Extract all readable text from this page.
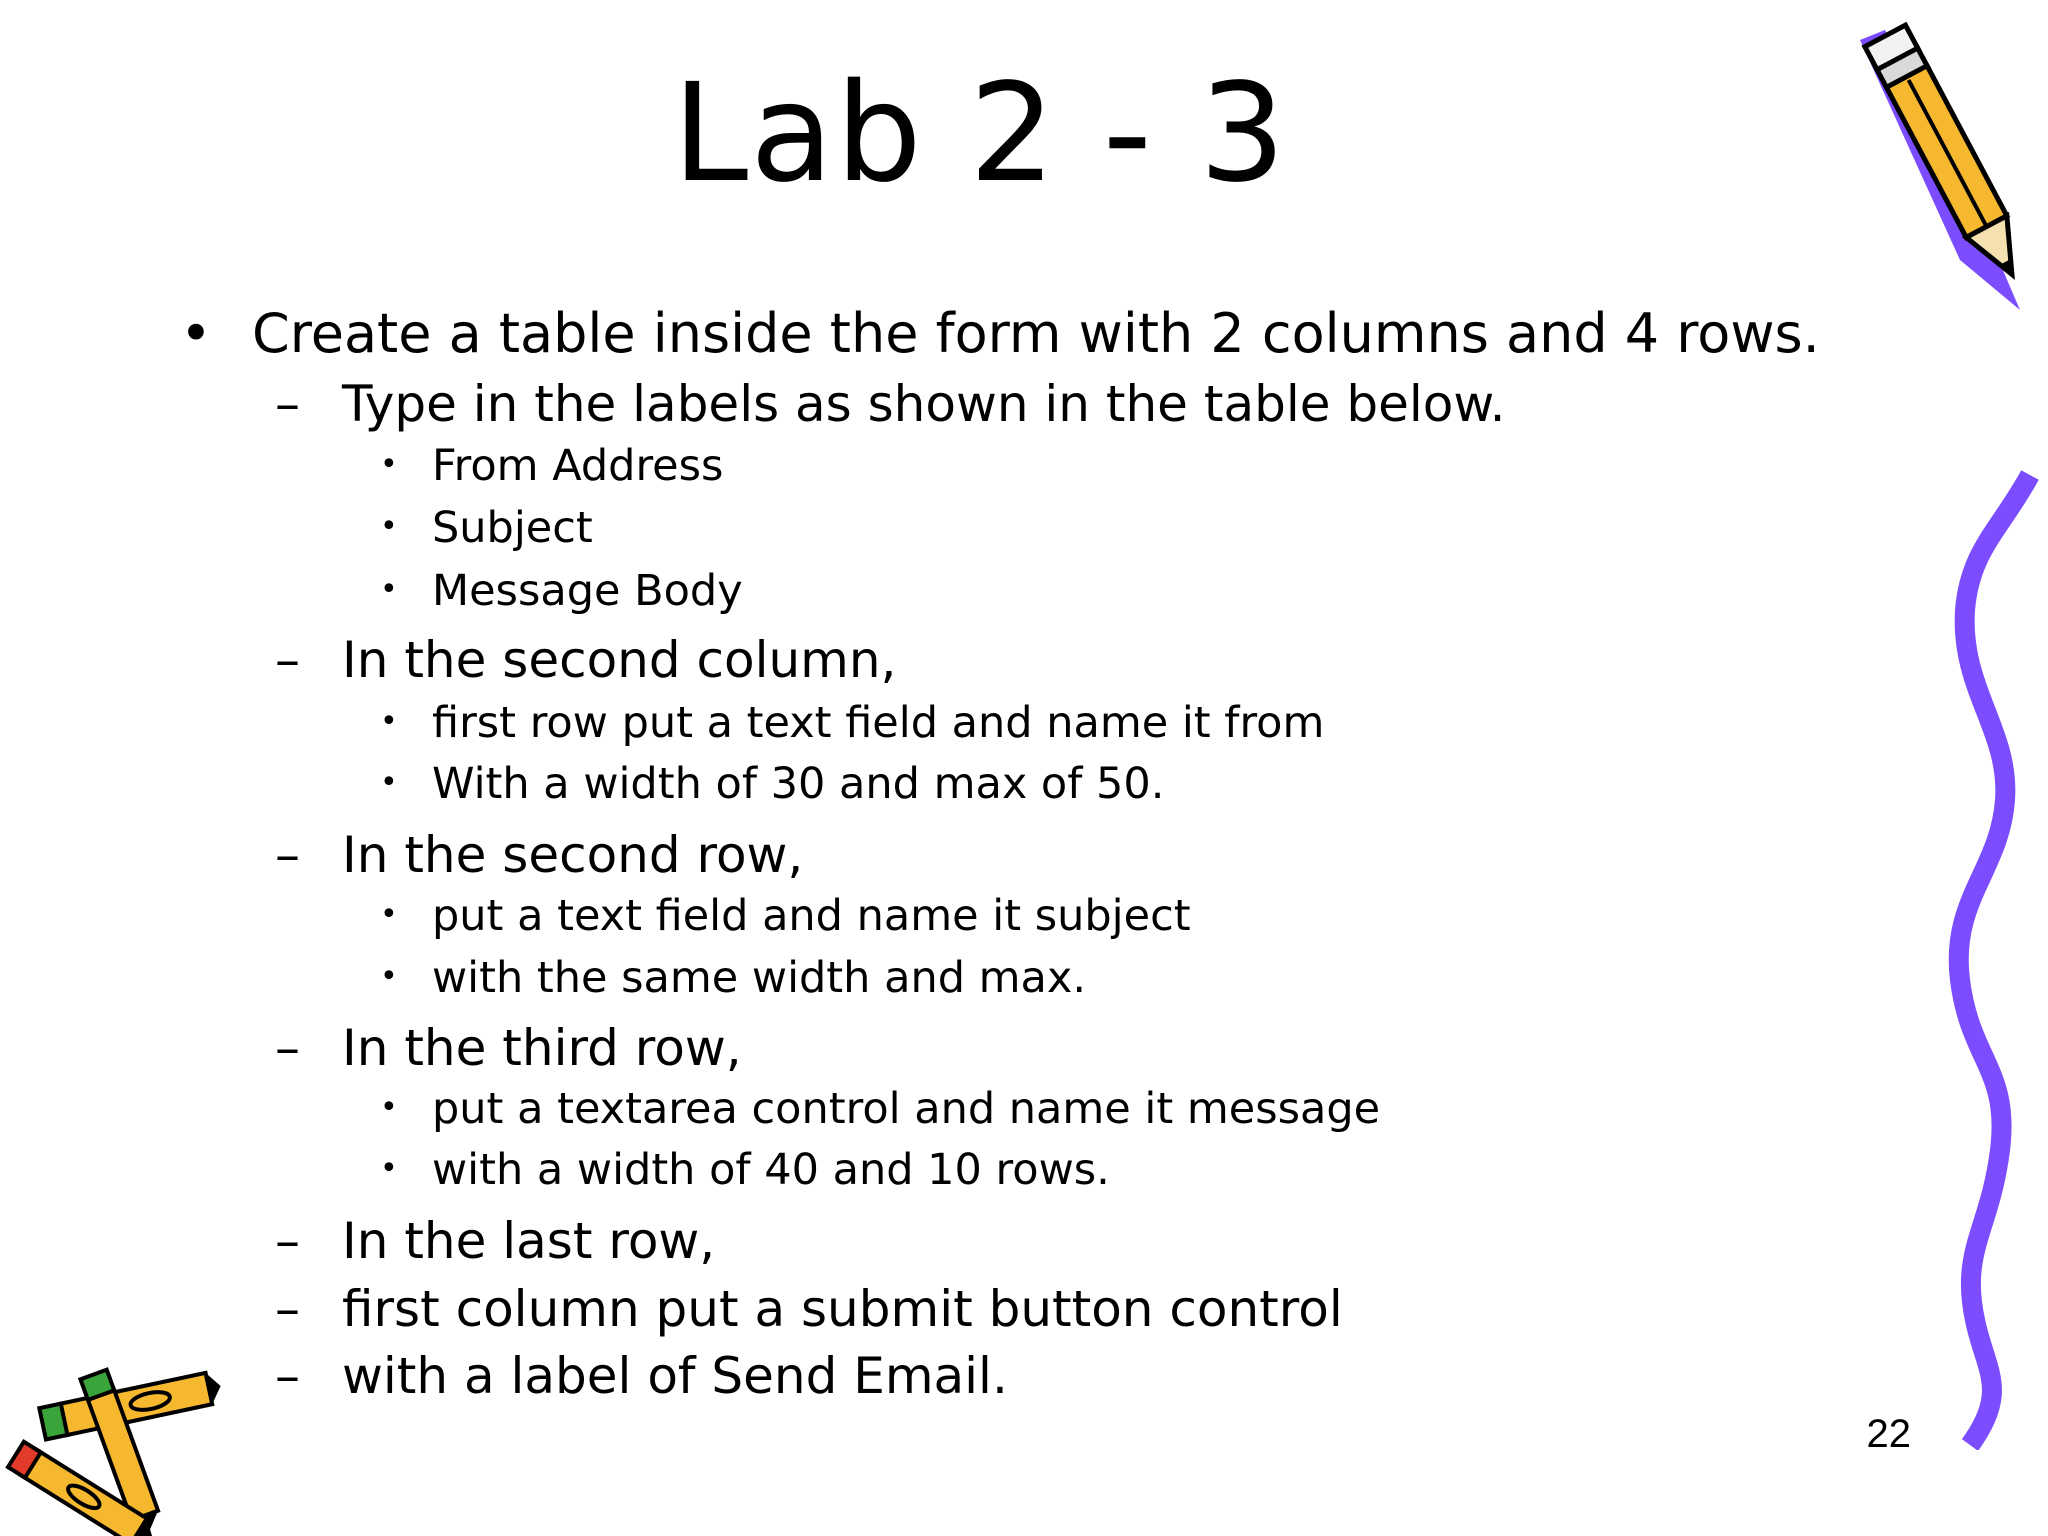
Lab 2 - 3
• Create a table inside the form with 2 columns and 4 rows.
– Type in the labels as shown in the table below.
• From Address
• Subject
• Message Body
– In the second column,
• first row put a text field and name it from
• With a width of 30 and max of 50.
– In the second row,
• put a text field and name it subject
• with the same width and max.
– In the third row,
• put a textarea control and name it message
• with a width of 40 and 10 rows.
– In the last row,
– first column put a submit button control
– with a label of Send Email.
22
